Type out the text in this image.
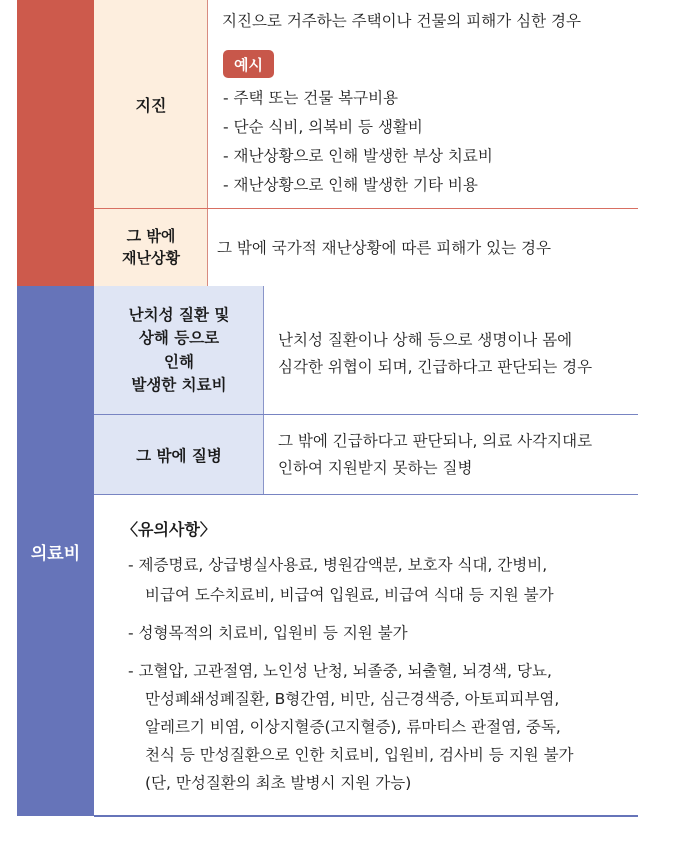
지진
그 밖에
재난상황
지진으로 거주하는 주택이나 건물의 피해가 심한 경우
예시
- 주택 또는 건물 복구비용
- 단순 식비, 의복비 등 생활비
- 재난상황으로 인해 발생한 부상 치료비
- 재난상황으로 인해 발생한 기타 비용
그 밖에 국가적 재난상황에 따른 피해가 있는 경우
의료비
난치성 질환 및
상해 등으로
인해
발생한 치료비
그 밖에 질병
난치성 질환이나 상해 등으로 생명이나 몸에
심각한 위협이 되며, 긴급하다고 판단되는 경우
그 밖에 긴급하다고 판단되나, 의료 사각지대로
인하여 지원받지 못하는 질병
〈유의사항〉
- 제증명료, 상급병실사용료, 병원감액분, 보호자 식대, 간병비,
비급여 도수치료비, 비급여 입원료, 비급여 식대 등 지원 불가
- 성형목적의 치료비, 입원비 등 지원 불가
- 고혈압, 고관절염, 노인성 난청, 뇌졸중, 뇌출혈, 뇌경색, 당뇨,
만성폐쇄성폐질환, B형간염, 비만, 심근경색증, 아토피피부염,
알레르기 비염, 이상지혈증(고지혈증), 류마티스 관절염, 중독,
천식 등 만성질환으로 인한 치료비, 입원비, 검사비 등 지원 불가
(단, 만성질환의 최초 발병시 지원 가능)
